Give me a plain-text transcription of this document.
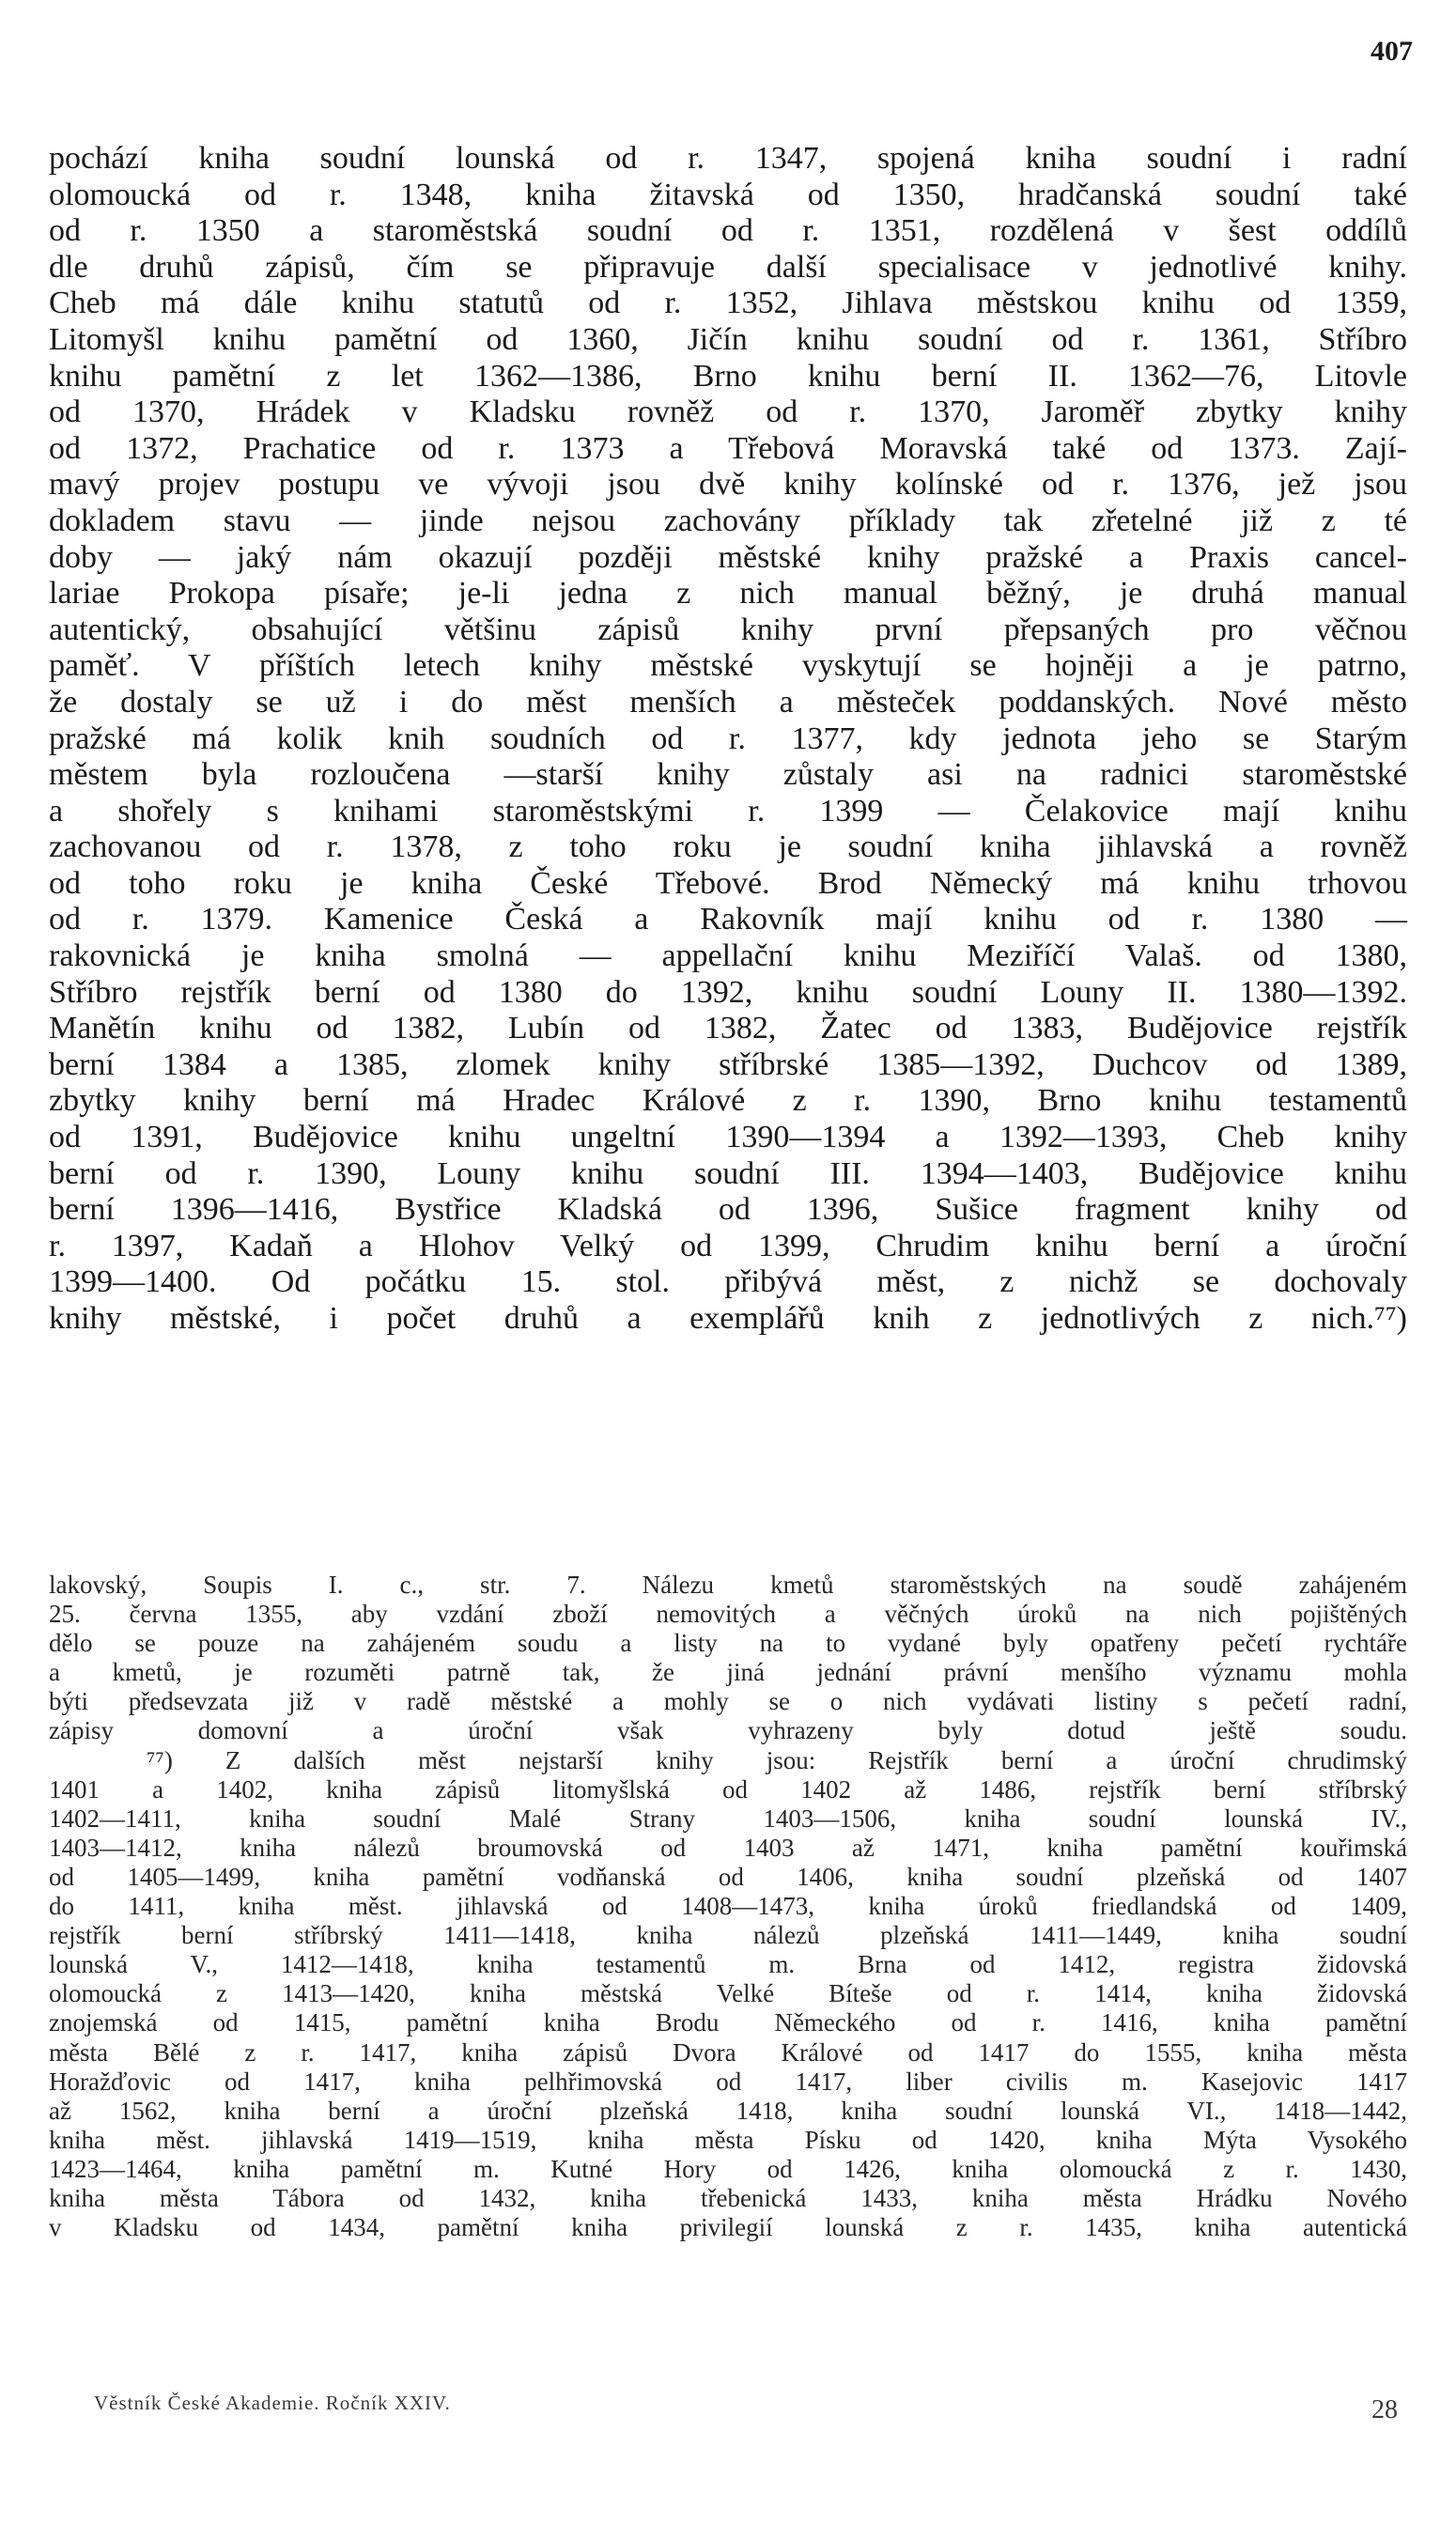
407
pochází kniha soudní lounská od r. 1347, spojená kniha soudní i radní
olomoucká od r. 1348, kniha žitavská od 1350, hradčanská soudní také
od r. 1350 a staroměstská soudní od r. 1351, rozdělená v šest oddílů
dle druhů zápisů, čím se připravuje další specialisace v jednotlivé knihy.
Cheb má dále knihu statutů od r. 1352, Jihlava městskou knihu od 1359,
Litomyšl knihu pamětní od 1360, Jičín knihu soudní od r. 1361, Stříbro
knihu pamětní z let 1362—1386, Brno knihu berní II. 1362—76, Litovle
od 1370, Hrádek v Kladsku rovněž od r. 1370, Jaroměř zbytky knihy
od 1372, Prachatice od r. 1373 a Třebová Moravská také od 1373. Zají-
mavý projev postupu ve vývoji jsou dvě knihy kolínské od r. 1376, jež jsou
dokladem stavu — jinde nejsou zachovány příklady tak zřetelné již z té
doby — jaký nám okazují později městské knihy pražské a Praxis cancel-
lariae Prokopa písaře; je-li jedna z nich manual běžný, je druhá manual
autentický, obsahující většinu zápisů knihy první přepsaných pro věčnou
paměť. V příštích letech knihy městské vyskytují se hojněji a je patrno,
že dostaly se už i do měst menších a městeček poddanských. Nové město
pražské má kolik knih soudních od r. 1377, kdy jednota jeho se Starým
městem byla rozloučena —starší knihy zůstaly asi na radnici staroměstské
a shořely s knihami staroměstskými r. 1399 — Čelakovice mají knihu
zachovanou od r. 1378, z toho roku je soudní kniha jihlavská a rovněž
od toho roku je kniha České Třebové. Brod Německý má knihu trhovou
od r. 1379. Kamenice Česká a Rakovník mají knihu od r. 1380 —
rakovnická je kniha smolná — appellační knihu Meziříčí Valaš. od 1380,
Stříbro rejstřík berní od 1380 do 1392, knihu soudní Louny II. 1380—1392.
Manětín knihu od 1382, Lubín od 1382, Žatec od 1383, Budějovice rejstřík
berní 1384 a 1385, zlomek knihy stříbrské 1385—1392, Duchcov od 1389,
zbytky knihy berní má Hradec Králové z r. 1390, Brno knihu testamentů
od 1391, Budějovice knihu ungeltní 1390—1394 a 1392—1393, Cheb knihy
berní od r. 1390, Louny knihu soudní III. 1394—1403, Budějovice knihu
berní 1396—1416, Bystřice Kladská od 1396, Sušice fragment knihy od
r. 1397, Kadaň a Hlohov Velký od 1399, Chrudim knihu berní a úroční
1399—1400. Od počátku 15. stol. přibývá měst, z nichž se dochovaly
knihy městské, i počet druhů a exemplářů knih z jednotlivých z nich.⁷⁷)
lakovský, Soupis I. c., str. 7. Nálezu kmetů staroměstských na soudě zahájeném
25. června 1355, aby vzdání zboží nemovitých a věčných úroků na nich pojištěných
dělo se pouze na zahájeném soudu a listy na to vydané byly opatřeny pečetí rychtáře
a kmetů, je rozuměti patrně tak, že jiná jednání právní menšího významu mohla
býti předsevzata již v radě městské a mohly se o nich vydávati listiny s pečetí radní,
zápisy domovní a úroční však vyhrazeny byly dotud ještě soudu.
⁷⁷) Z dalších měst nejstarší knihy jsou: Rejstřík berní a úroční chrudimský
1401 a 1402, kniha zápisů litomyšlská od 1402 až 1486, rejstřík berní stříbrský
1402—1411, kniha soudní Malé Strany 1403—1506, kniha soudní lounská IV.,
1403—1412, kniha nálezů broumovská od 1403 až 1471, kniha pamětní kouřimská
od 1405—1499, kniha pamětní vodňanská od 1406, kniha soudní plzeňská od 1407
do 1411, kniha měst. jihlavská od 1408—1473, kniha úroků friedlandská od 1409,
rejstřík berní stříbrský 1411—1418, kniha nálezů plzeňská 1411—1449, kniha soudní
lounská V., 1412—1418, kniha testamentů m. Brna od 1412, registra židovská
olomoucká z 1413—1420, kniha městská Velké Bíteše od r. 1414, kniha židovská
znojemská od 1415, pamětní kniha Brodu Německého od r. 1416, kniha pamětní
města Bělé z r. 1417, kniha zápisů Dvora Králové od 1417 do 1555, kniha města
Horažďovic od 1417, kniha pelhřimovská od 1417, liber civilis m. Kasejovic 1417
až 1562, kniha berní a úroční plzeňská 1418, kniha soudní lounská VI., 1418—1442,
kniha měst. jihlavská 1419—1519, kniha města Písku od 1420, kniha Mýta Vysokého
1423—1464, kniha pamětní m. Kutné Hory od 1426, kniha olomoucká z r. 1430,
kniha města Tábora od 1432, kniha třebenická 1433, kniha města Hrádku Nového
v Kladsku od 1434, pamětní kniha privilegií lounská z r. 1435, kniha autentická
Věstník České Akademie. Ročník XXIV.	28
